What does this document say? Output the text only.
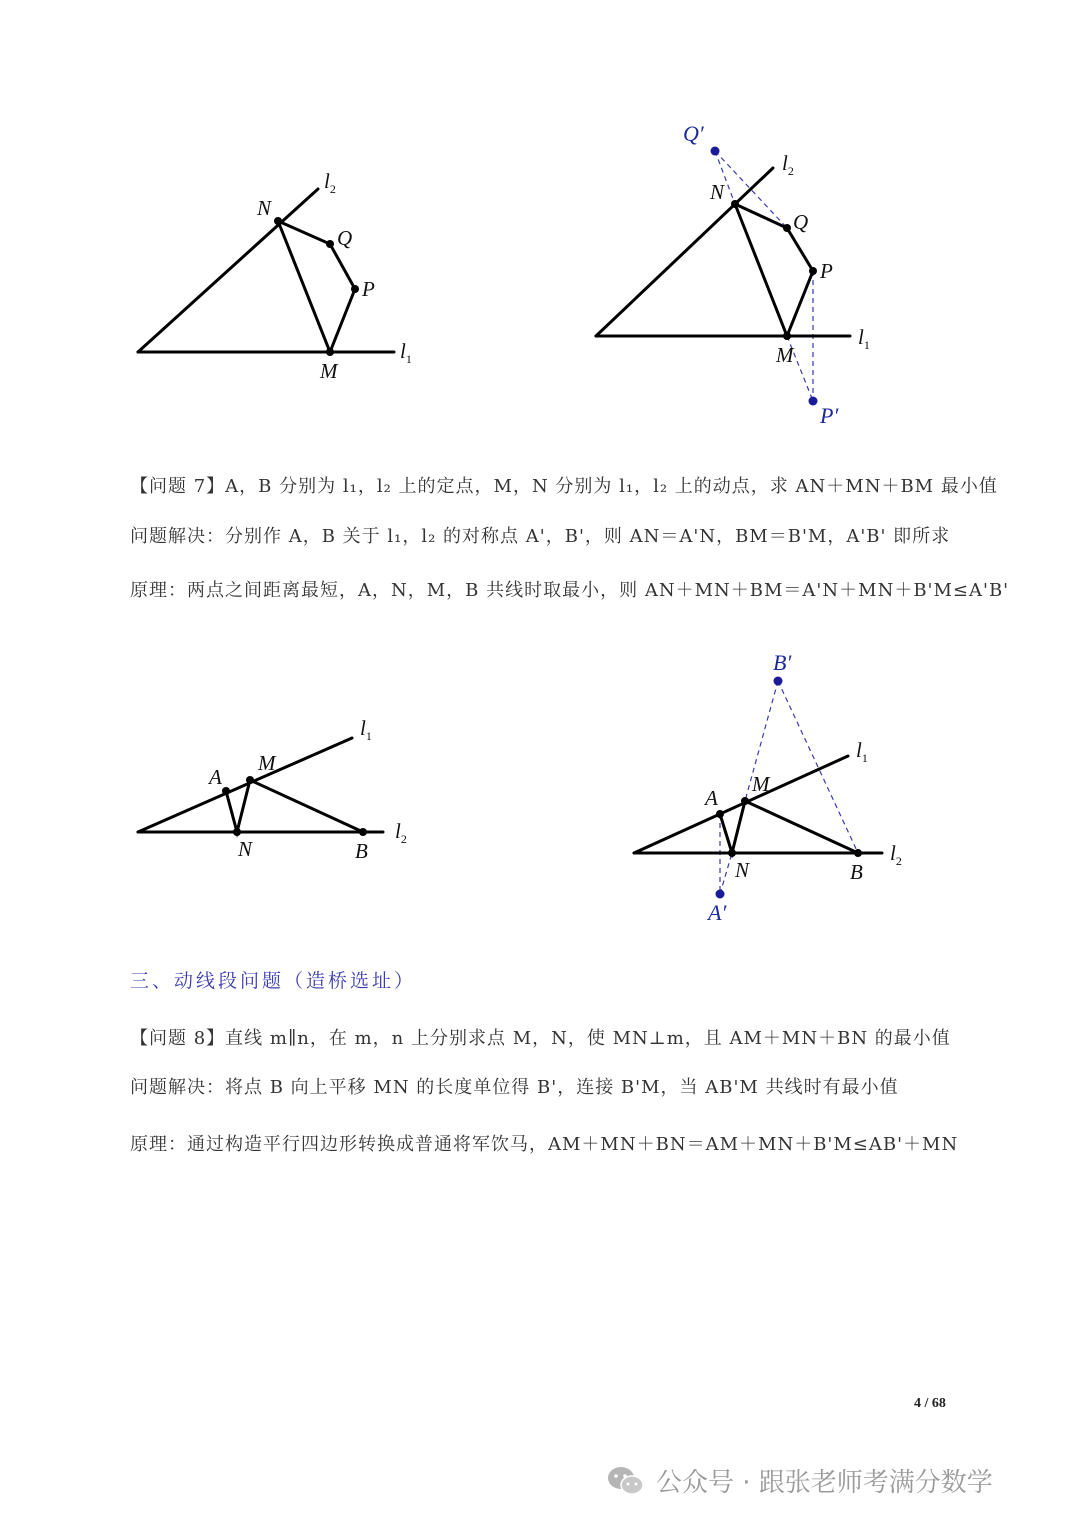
$l_2$
N
Q
P
M
$l_1$
Q′
$l_2$
N
Q
P
M
$l_1$
P′
$l_1$
A
M
$l_2$
N	B
B′
$l_1$
A
M
$l_2$
N	B
A′
【问题 7】A，B 分别为 l₁，l₂ 上的定点，M，N 分别为 l₁，l₂ 上的动点，求 AN＋MN＋BM 最小值
问题解决：分别作 A，B 关于 l₁，l₂ 的对称点 A'，B'，则 AN＝A'N，BM＝B'M，A'B' 即所求
原理：两点之间距离最短，A，N，M，B 共线时取最小，则 AN＋MN＋BM＝A'N＋MN＋B'M≤A'B'
三、动线段问题（造桥选址）
【问题 8】直线 m∥n，在 m，n 上分别求点 M，N，使 MN⊥m，且 AM＋MN＋BN 的最小值
问题解决：将点 B 向上平移 MN 的长度单位得 B'，连接 B'M，当 AB'M 共线时有最小值
原理：通过构造平行四边形转换成普通将军饮马，AM＋MN＋BN＝AM＋MN＋B'M≤AB'＋MN
4 / 68
公众号 · 跟张老师考满分数学
